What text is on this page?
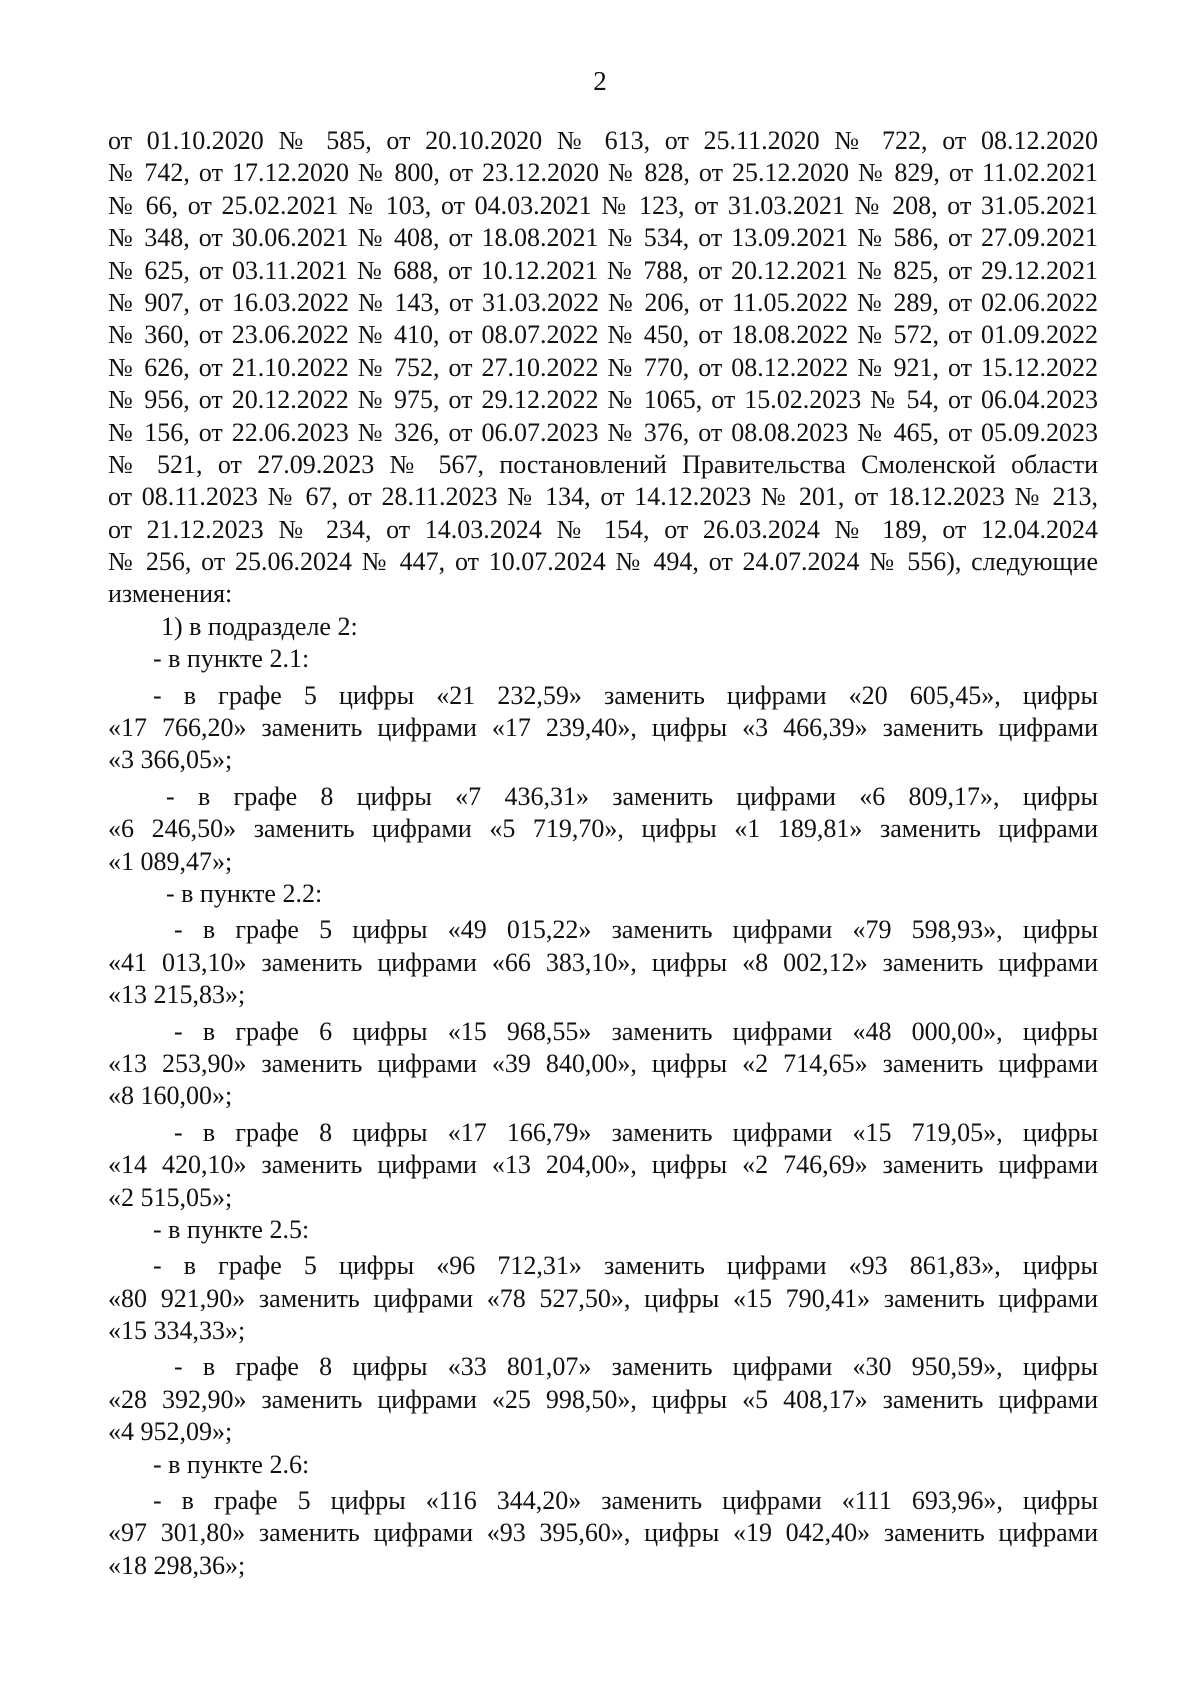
2
от 01.10.2020 № 585, от 20.10.2020 № 613, от 25.11.2020 № 722, от 08.12.2020
№ 742, от 17.12.2020 № 800, от 23.12.2020 № 828, от 25.12.2020 № 829, от 11.02.2021
№ 66, от 25.02.2021 № 103, от 04.03.2021 № 123, от 31.03.2021 № 208, от 31.05.2021
№ 348, от 30.06.2021 № 408, от 18.08.2021 № 534, от 13.09.2021 № 586, от 27.09.2021
№ 625, от 03.11.2021 № 688, от 10.12.2021 № 788, от 20.12.2021 № 825, от 29.12.2021
№ 907, от 16.03.2022 № 143, от 31.03.2022 № 206, от 11.05.2022 № 289, от 02.06.2022
№ 360, от 23.06.2022 № 410, от 08.07.2022 № 450, от 18.08.2022 № 572, от 01.09.2022
№ 626, от 21.10.2022 № 752, от 27.10.2022 № 770, от 08.12.2022 № 921, от 15.12.2022
№ 956, от 20.12.2022 № 975, от 29.12.2022 № 1065, от 15.02.2023 № 54, от 06.04.2023
№ 156, от 22.06.2023 № 326, от 06.07.2023 № 376, от 08.08.2023 № 465, от 05.09.2023
№ 521, от 27.09.2023 № 567, постановлений Правительства Смоленской области
от 08.11.2023 № 67, от 28.11.2023 № 134, от 14.12.2023 № 201, от 18.12.2023 № 213,
от 21.12.2023 № 234, от 14.03.2024 № 154, от 26.03.2024 № 189, от 12.04.2024
№ 256, от 25.06.2024 № 447, от 10.07.2024 № 494, от 24.07.2024 № 556), следующие
изменения:
1) в подразделе 2:
- в пункте 2.1:
- в графе 5 цифры «21 232,59» заменить цифрами «20 605,45», цифры
«17 766,20» заменить цифрами «17 239,40», цифры «3 466,39» заменить цифрами
«3 366,05»;
- в графе 8 цифры «7 436,31» заменить цифрами «6 809,17», цифры
«6 246,50» заменить цифрами «5 719,70», цифры «1 189,81» заменить цифрами
«1 089,47»;
- в пункте 2.2:
- в графе 5 цифры «49 015,22» заменить цифрами «79 598,93», цифры
«41 013,10» заменить цифрами «66 383,10», цифры «8 002,12» заменить цифрами
«13 215,83»;
- в графе 6 цифры «15 968,55» заменить цифрами «48 000,00», цифры
«13 253,90» заменить цифрами «39 840,00», цифры «2 714,65» заменить цифрами
«8 160,00»;
- в графе 8 цифры «17 166,79» заменить цифрами «15 719,05», цифры
«14 420,10» заменить цифрами «13 204,00», цифры «2 746,69» заменить цифрами
«2 515,05»;
- в пункте 2.5:
- в графе 5 цифры «96 712,31» заменить цифрами «93 861,83», цифры
«80 921,90» заменить цифрами «78 527,50», цифры «15 790,41» заменить цифрами
«15 334,33»;
- в графе 8 цифры «33 801,07» заменить цифрами «30 950,59», цифры
«28 392,90» заменить цифрами «25 998,50», цифры «5 408,17» заменить цифрами
«4 952,09»;
- в пункте 2.6:
- в графе 5 цифры «116 344,20» заменить цифрами «111 693,96», цифры
«97 301,80» заменить цифрами «93 395,60», цифры «19 042,40» заменить цифрами
«18 298,36»;
